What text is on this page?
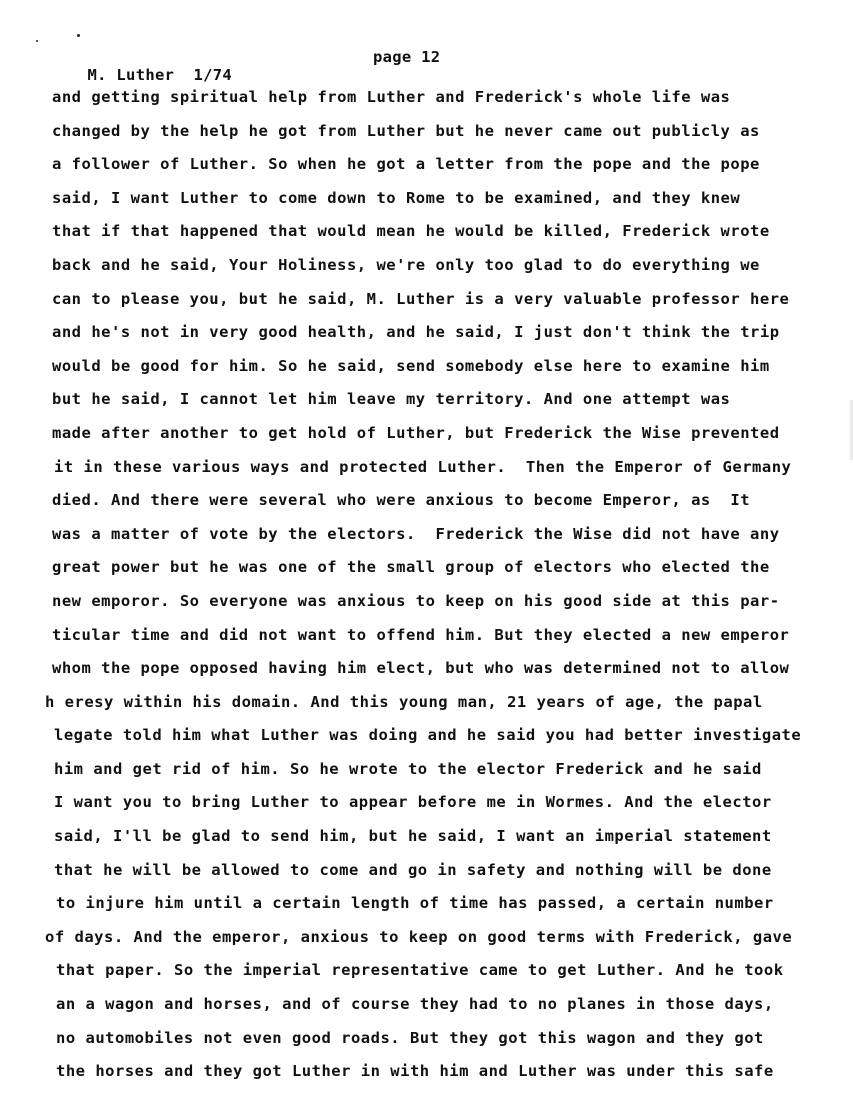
M. Luther  1/74

page 12

and getting spiritual help from Luther and Frederick's whole life was
changed by the help he got from Luther but he never came out publicly as
a follower of Luther. So when he got a letter from the pope and the pope
said, I want Luther to come down to Rome to be examined, and they knew
that if that happened that would mean he would be killed, Frederick wrote
back and he said, Your Holiness, we're only too glad to do everything we
can to please you, but he said, M. Luther is a very valuable professor here
and he's not in very good health, and he said, I just don't think the trip
would be good for him. So he said, send somebody else here to examine him
but he said, I cannot let him leave my territory. And one attempt was
made after another to get hold of Luther, but Frederick the Wise prevented
it in these various ways and protected Luther.  Then the Emperor of Germany
died. And there were several who were anxious to become Emperor, as  It
was a matter of vote by the electors.  Frederick the Wise did not have any
great power but he was one of the small group of electors who elected the
new emporor. So everyone was anxious to keep on his good side at this par-
ticular time and did not want to offend him. But they elected a new emperor
whom the pope opposed having him elect, but who was determined not to allow
h eresy within his domain. And this young man, 21 years of age, the papal
legate told him what Luther was doing and he said you had better investigate
him and get rid of him. So he wrote to the elector Frederick and he said
I want you to bring Luther to appear before me in Wormes. And the elector
said, I'll be glad to send him, but he said, I want an imperial statement
that he will be allowed to come and go in safety and nothing will be done
to injure him until a certain length of time has passed, a certain number
of days. And the emperor, anxious to keep on good terms with Frederick, gave
that paper. So the imperial representative came to get Luther. And he took
an a wagon and horses, and of course they had to no planes in those days,
no automobiles not even good roads. But they got this wagon and they got
the horses and they got Luther in with him and Luther was under this safe
